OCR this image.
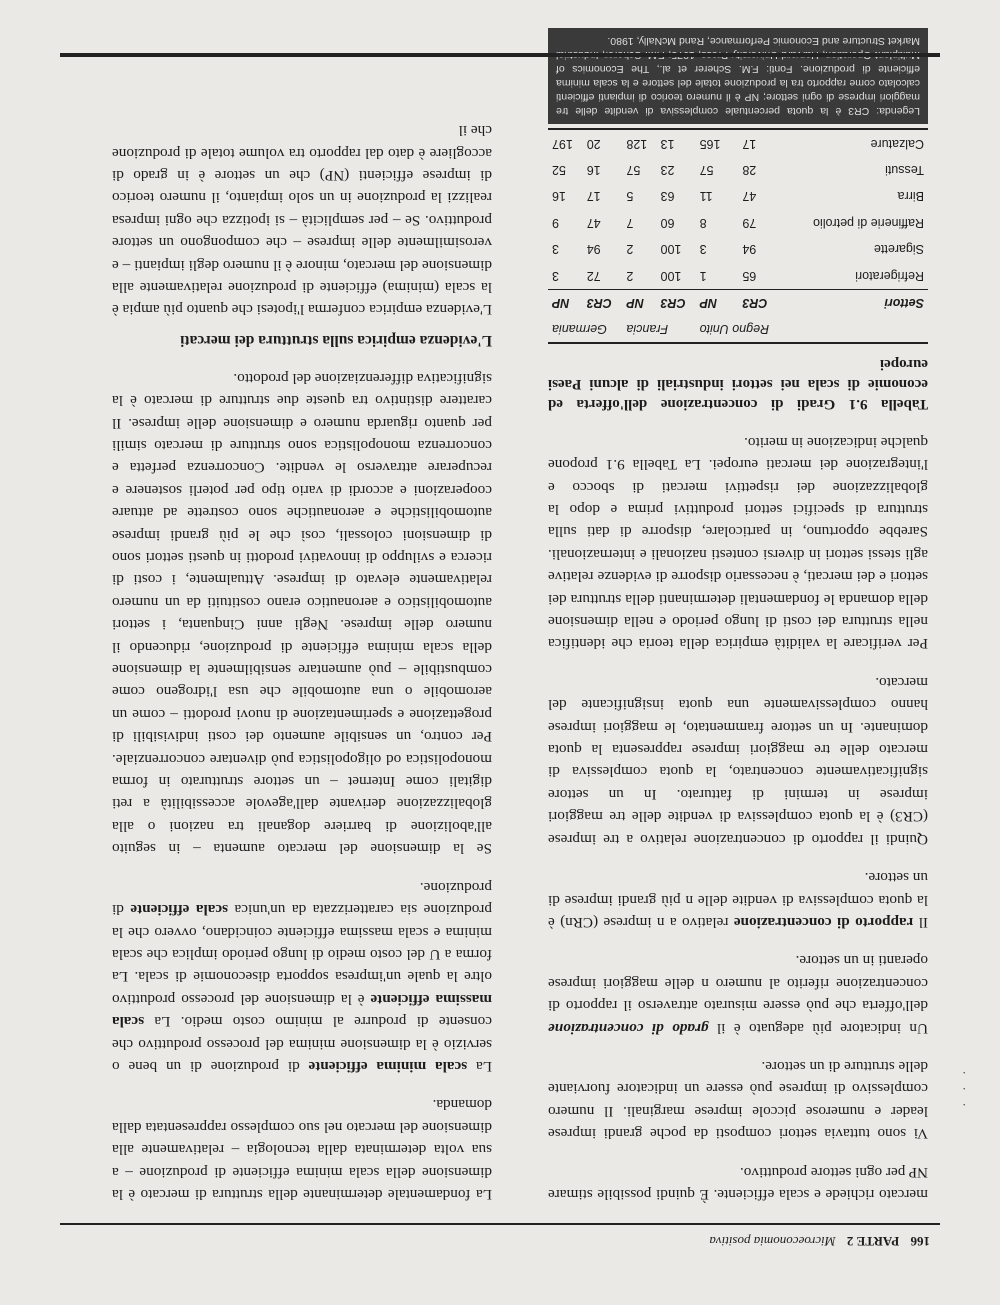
166 PARTE 2 Microeconomia positiva

mercato richiede e scala efficiente. È quindi possibile stimare NP per ogni settore produttivo.

Vi sono tuttavia settori composti da poche grandi imprese leader e numerose piccole imprese marginali. Il numero complessivo di imprese può essere un indicatore fuorviante delle strutture di un settore.

Un indicatore più adeguato è il grado di concentrazione dell'offerta che può essere misurato attraverso il rapporto di concentrazione riferito al numero n delle maggiori imprese operanti in un settore.

Il rapporto di concentrazione relativo a n imprese (CRn) è la quota complessiva di vendite delle n più grandi imprese di un settore.

Quindi il rapporto di concentrazione relativo a tre imprese (CR3) è la quota complessiva di vendite delle tre maggiori imprese in termini di fatturato. In un settore significativamente concentrato, la quota complessiva di mercato delle tre maggiori imprese rappresenta la quota dominante. In un settore frammentato, le maggiori imprese hanno complessivamente una quota insignificante del mercato.

Per verificare la validità empirica della teoria che identifica nella struttura dei costi di lungo periodo e nella dimensione della domanda le fondamentali determinanti della struttura dei settori e dei mercati, è necessario disporre di evidenze relative agli stessi settori in diversi contesti nazionali e internazionali. Sarebbe opportuno, in particolare, disporre di dati sulla struttura di specifici settori produttivi prima e dopo la globalizzazione dei rispettivi mercati di sbocco e l'integrazione dei mercati europei. La Tabella 9.1 propone qualche indicazione in merito.

Tabella 9.1 Gradi di concentrazione dell'offerta ed economie di scala nei settori industriali di alcuni Paesi europei
	Regno Unito		Francia		Germania	
Settori	CR3	NP	CR3	NP	CR3	NP
Refrigeratori	65	1	100	2	72	3
Sigarette	94	3	100	2	94	3
Raffinerie di petrolio	79	8	60	7	47	9
Birra	47	11	63	5	17	16
Tessuti	28	57	23	57	16	52
Calzature	17	165	13	128	20	197
Legenda: CR3 è la quota percentuale complessiva di vendite delle tre maggiori imprese di ogni settore; NP è il numero teorico di impianti efficienti calcolato come rapporto tra la produzione totale del settore e la scala minima efficiente di produzione. Fonti: F.M. Scherer et al., The Economics of Market Structure and Economic Performance, Rand McNally, 1980.

La fondamentale determinante della struttura di mercato è la dimensione della scala minima efficiente di produzione – a sua volta determinata dalla tecnologia – relativamente alla dimensione del mercato nel suo complesso rappresentata dalla domanda.

La scala minima efficiente di produzione di un bene o servizio è la dimensione minima del processo produttivo che consente di produrre al minimo costo medio. La scala massima efficiente è la dimensione del processo produttivo oltre la quale un'impresa sopporta diseconomie di scala. La forma a U del costo medio di lungo periodo implica che scala minima e scala massima efficiente coincidano, ovvero che la produzione sia caratterizzata da un'unica scala efficiente di produzione.

Se la dimensione del mercato aumenta – in seguito all'abolizione di barriere doganali tra nazioni o alla globalizzazione derivante dall'agevole accessibilità a reti digitali come Internet – un settore strutturato in forma monopolistica od oligopolistica può diventare concorrenziale. Per contro, un sensibile aumento dei costi indivisibili di progettazione e sperimentazione di nuovi prodotti – come un aeromobile o una automobile che usa l'idrogeno come combustibile – può aumentare sensibilmente la dimensione della scala minima efficiente di produzione, riducendo il numero delle imprese. Negli anni Cinquanta, i settori automobilistico e aeronautico erano costituiti da un numero relativamente elevato di imprese. Attualmente, i costi di ricerca e sviluppo di innovativi prodotti in questi settori sono di dimensioni colossali, così che le più grandi imprese automobilistiche e aeronautiche sono costrette ad attuare cooperazioni e accordi di vario tipo per poterli sostenere e recuperare attraverso le vendite. Concorrenza perfetta e concorrenza monopolistica sono strutture di mercato simili per quanto riguarda numero e dimensione delle imprese. Il carattere distintivo tra queste due strutture di mercato è la significativa differenziazione del prodotto.

L'evidenza empirica sulla struttura dei mercati

L'evidenza empirica conferma l'ipotesi che quanto più ampia è la scala (minima) efficiente di produzione relativamente alla dimensione del mercato, minore è il numero degli impianti – e verosimilmente delle imprese – che compongono un settore produttivo. Se – per semplicità – si ipotizza che ogni impresa realizzi la produzione in un solo impianto, il numero teorico di imprese efficienti (NP) che un settore è in grado di accogliere è dato dal rapporto tra volume totale di produzione che il

·
·
·
